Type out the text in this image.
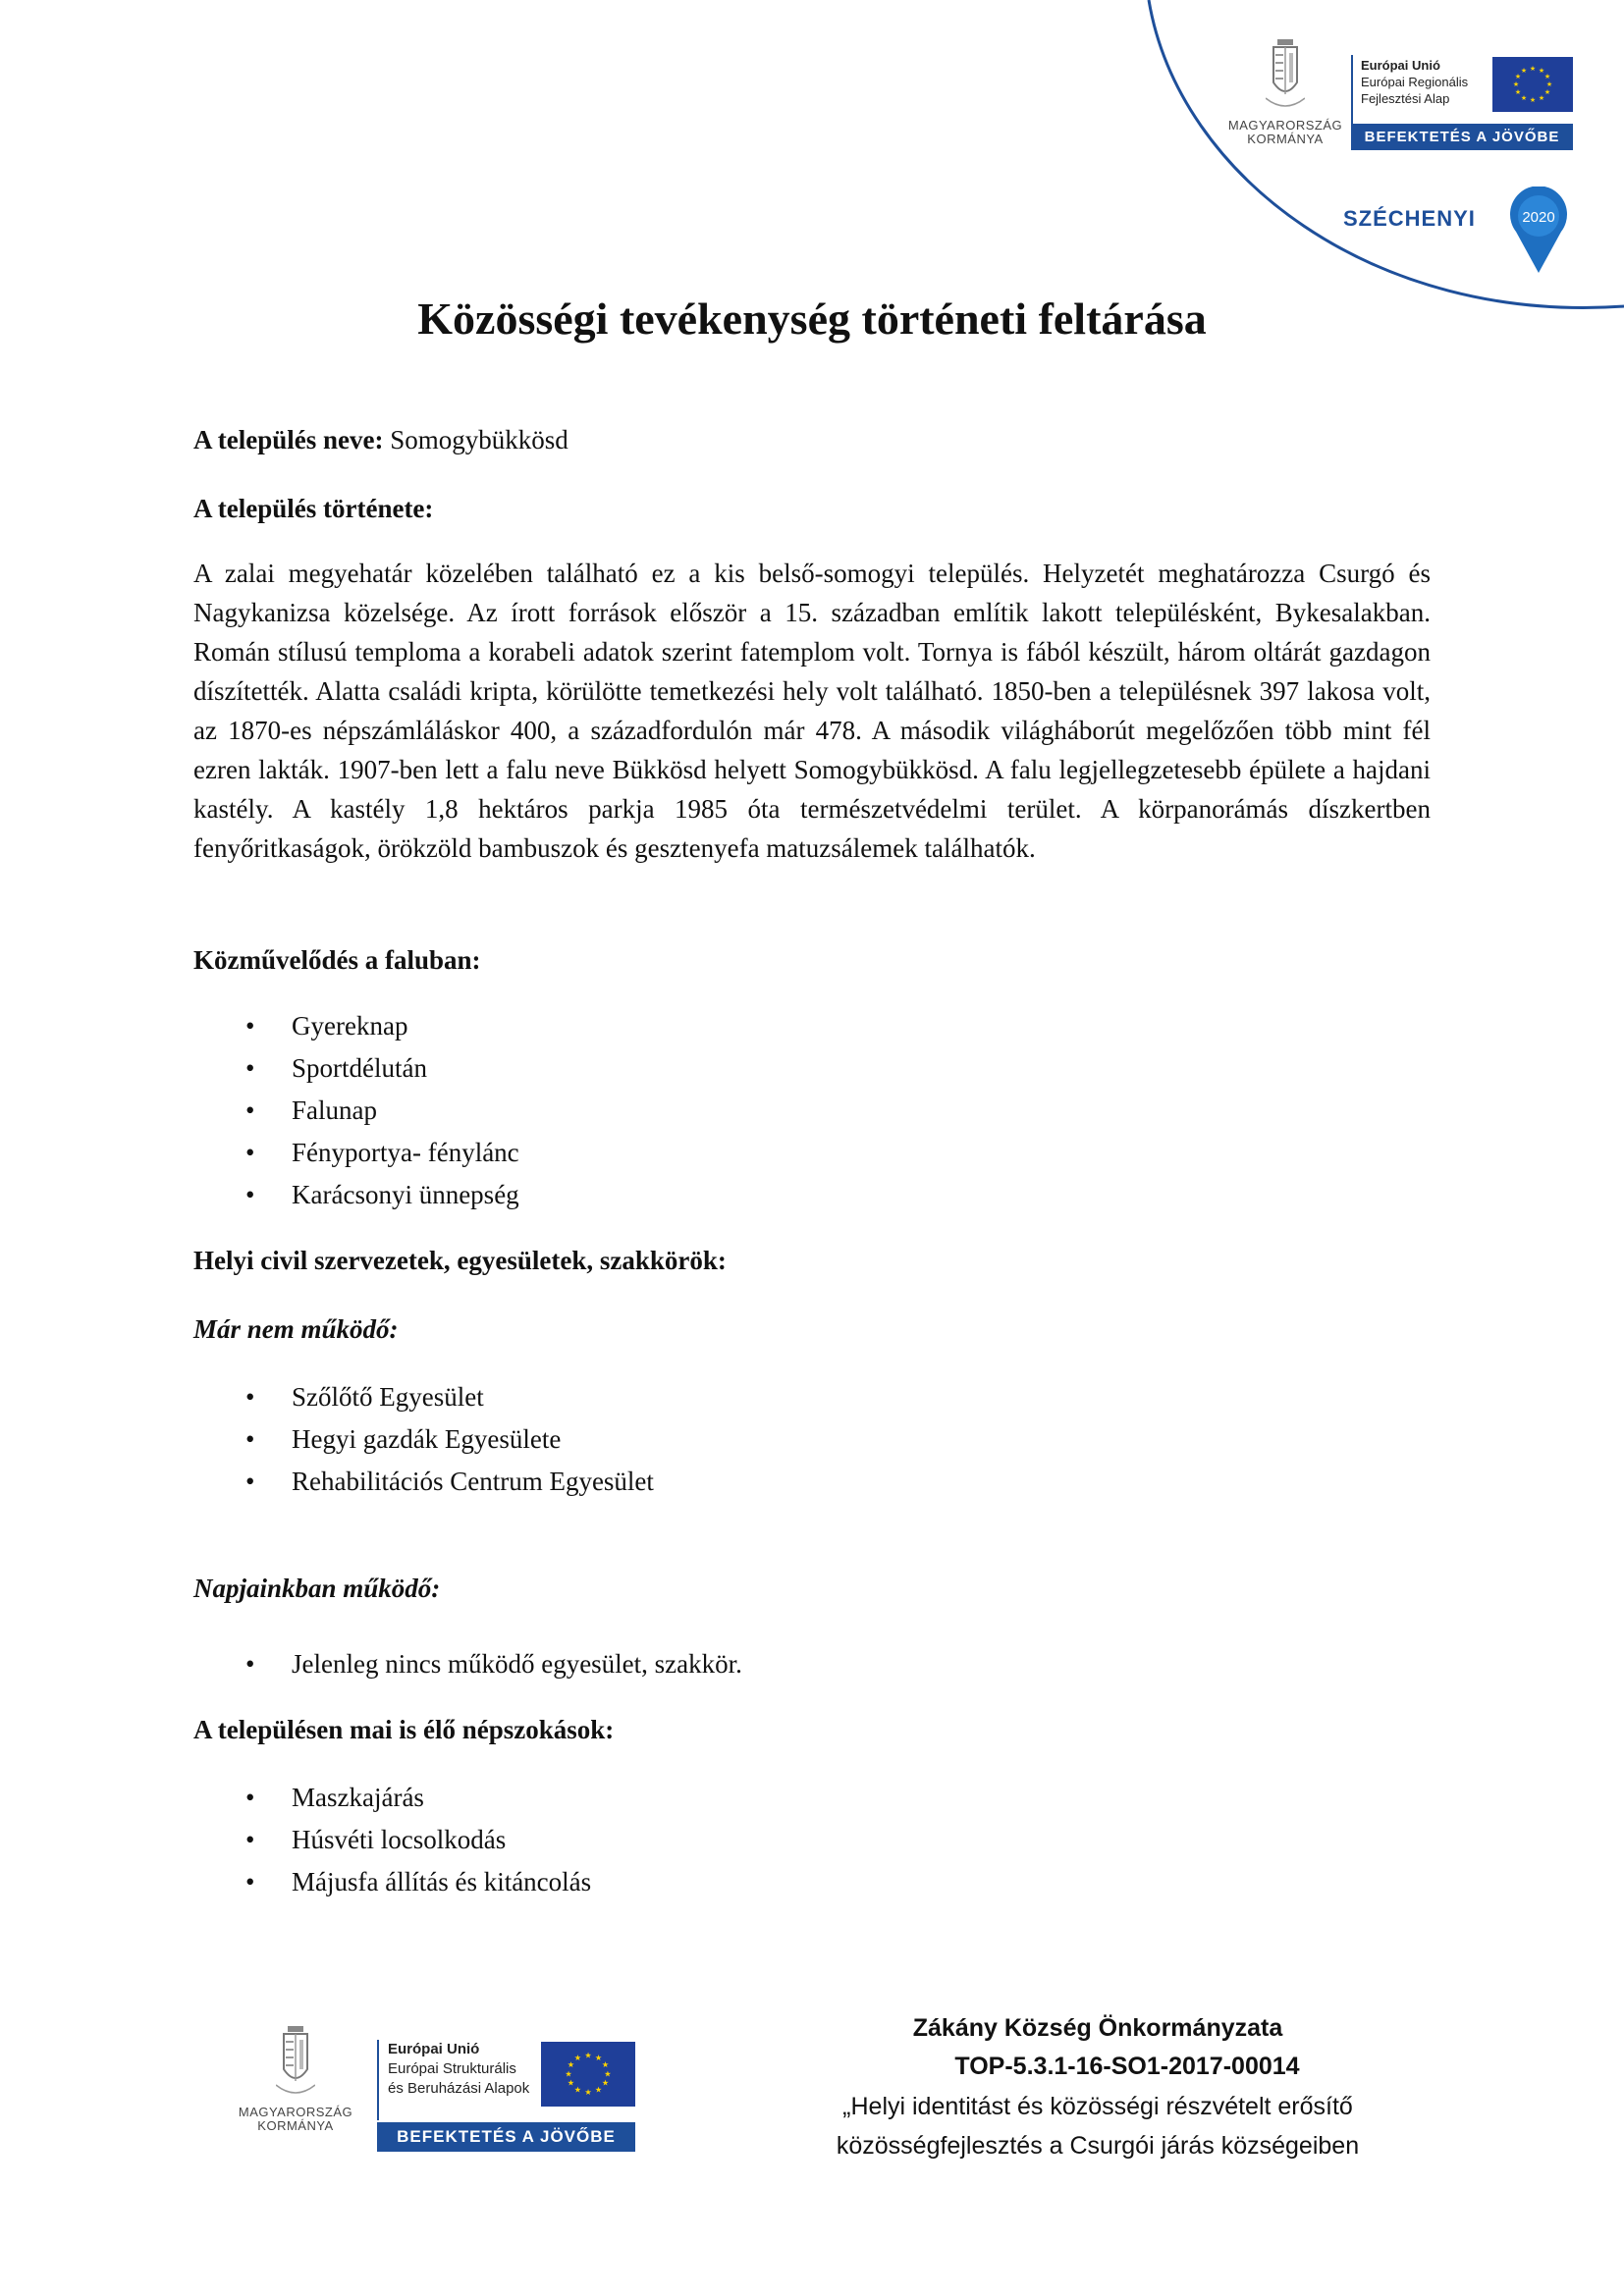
MAGYARORSZÁG
KORMÁNYA
Európai Unió
Európai Regionális
Fejlesztési Alap
★ ★
★
★
★
★
★
★
★
★
★
★
BEFEKTETÉS A JÖVŐBE
SZÉCHENYI	2020
Közösségi tevékenység történeti feltárása
A település neve: Somogybükkösd
A település története:
A zalai megyehatár közelében található ez a kis belső-somogyi település. Helyzetét meghatározza Csurgó és Nagykanizsa közelsége. Az írott források először a 15. században említik lakott településként, Bykesalakban. Román stílusú temploma a korabeli adatok szerint fatemplom volt. Tornya is fából készült, három oltárát gazdagon díszítették. Alatta családi kripta, körülötte temetkezési hely volt található. 1850-ben a településnek 397 lakosa volt, az 1870-es népszámláláskor 400, a századfordulón már 478. A második világháborút megelőzően több mint fél ezren lakták. 1907-ben lett a falu neve Bükkösd helyett Somogybükkösd. A falu legjellegzetesebb épülete a hajdani kastély. A kastély 1,8 hektáros parkja 1985 óta természetvédelmi terület. A körpanorámás díszkertben fenyőritkaságok, örökzöld bambuszok és gesztenyefa matuzsálemek találhatók.
Közművelődés a faluban:
• Gyereknap
• Sportdélután
• Falunap
• Fényportya- fénylánc
• Karácsonyi ünnepség
Helyi civil szervezetek, egyesületek, szakkörök:
Már nem működő:
• Szőlőtő Egyesület
• Hegyi gazdák Egyesülete
• Rehabilitációs Centrum Egyesület
Napjainkban működő:
• Jelenleg nincs működő egyesület, szakkör.
A településen mai is élő népszokások:
• Maszkajárás
• Húsvéti locsolkodás
• Májusfa állítás és kitáncolás
MAGYARORSZÁG
KORMÁNYA
Európai Unió
Európai Strukturális
és Beruházási Alapok
★ ★
★
★
★
★
★
★
★
★
★
★
BEFEKTETÉS A JÖVŐBE
Zákány Község Önkormányzata
TOP-5.3.1-16-SO1-2017-00014
„Helyi identitást és közösségi részvételt erősítő
közösségfejlesztés a Csurgói járás községeiben
